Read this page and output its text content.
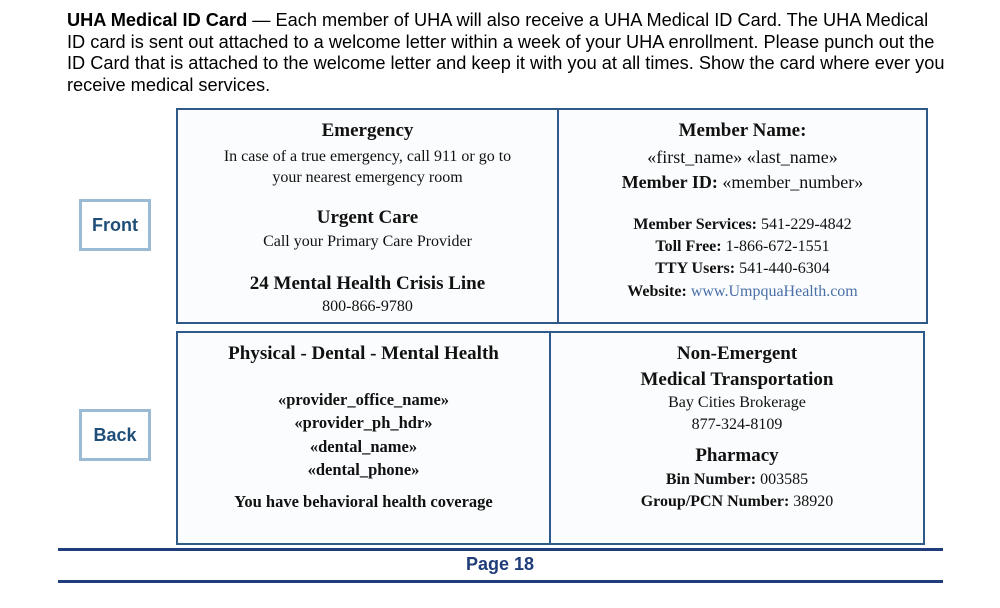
UHA Medical ID Card — Each member of UHA will also receive a UHA Medical ID Card. The UHA Medical ID card is sent out attached to a welcome letter within a week of your UHA enrollment. Please punch out the ID Card that is attached to the welcome letter and keep it with you at all times. Show the card where ever you receive medical services.
Front
Back
Emergency
In case of a true emergency, call 911 or go to
your nearest emergency room
Urgent Care
Call your Primary Care Provider
24 Mental Health Crisis Line
800-866-9780
Member Name:
«first_name» «last_name»
Member ID: «member_number»
Member Services: 541-229-4842
Toll Free: 1-866-672-1551
TTY Users: 541-440-6304
Website: www.UmpquaHealth.com
Physical - Dental - Mental Health
«provider_office_name»
«provider_ph_hdr»
«dental_name»
«dental_phone»
You have behavioral health coverage
Non-Emergent
Medical Transportation
Bay Cities Brokerage
877-324-8109
Pharmacy
Bin Number: 003585
Group/PCN Number: 38920
Page 18
